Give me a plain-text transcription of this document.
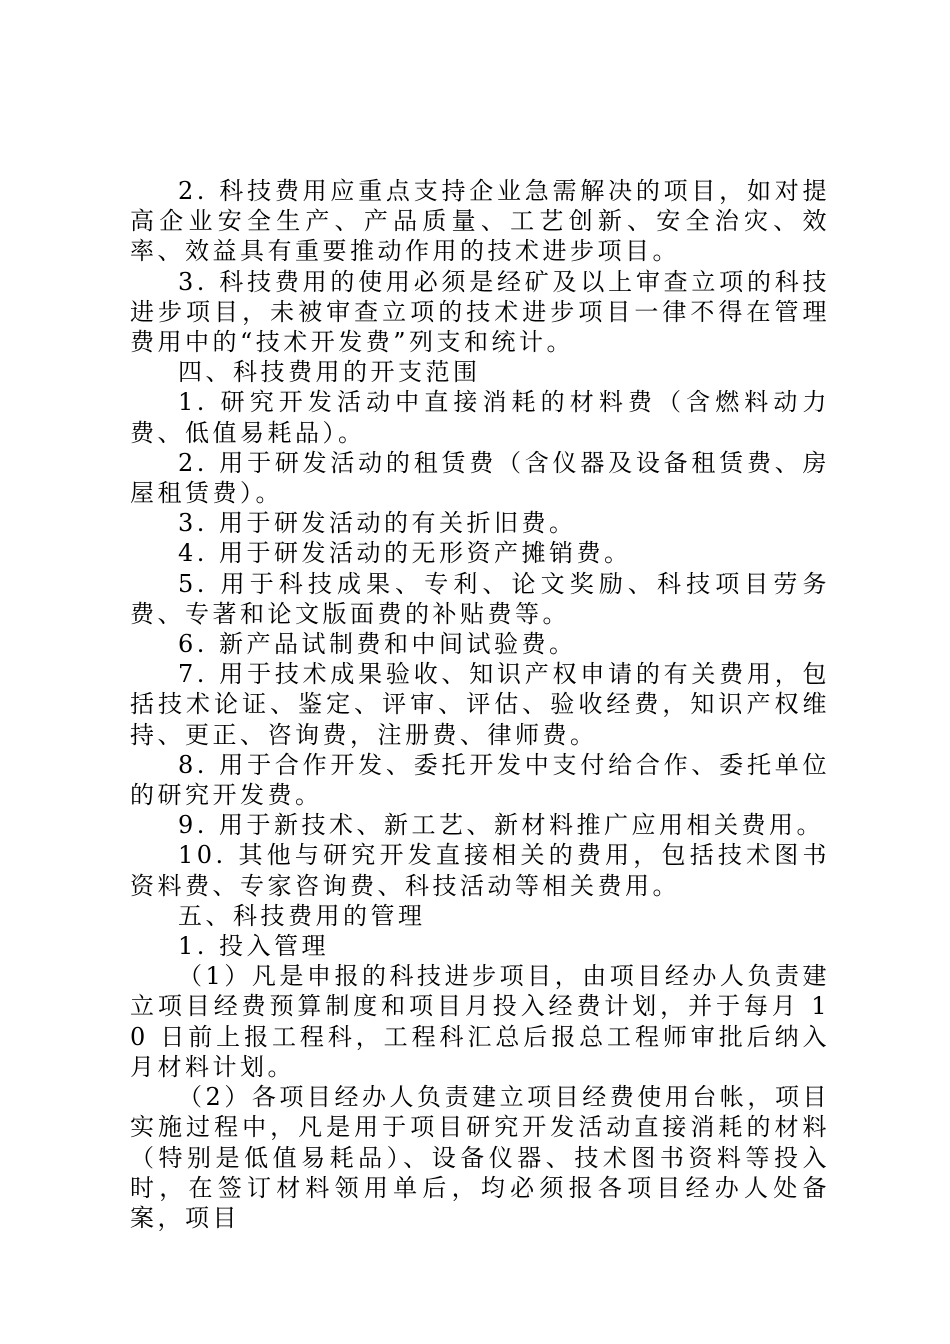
2. 科技费用应重点支持企业急需解决的项目，如对提高企业安全生产、产品质量、工艺创新、安全治灾、效率、效益具有重要推动作用的技术进步项目。

3. 科技费用的使用必须是经矿及以上审查立项的科技进步项目，未被审查立项的技术进步项目一律不得在管理费用中的“技术开发费”列支和统计。

四、科技费用的开支范围

1. 研究开发活动中直接消耗的材料费（含燃料动力费、低值易耗品）。

2. 用于研发活动的租赁费（含仪器及设备租赁费、房屋租赁费）。

3. 用于研发活动的有关折旧费。

4. 用于研发活动的无形资产摊销费。

5. 用于科技成果、专利、论文奖励、科技项目劳务费、专著和论文版面费的补贴费等。

6. 新产品试制费和中间试验费。

7. 用于技术成果验收、知识产权申请的有关费用，包括技术论证、鉴定、评审、评估、验收经费，知识产权维持、更正、咨询费，注册费、律师费。

8. 用于合作开发、委托开发中支付给合作、委托单位的研究开发费。

9. 用于新技术、新工艺、新材料推广应用相关费用。

10. 其他与研究开发直接相关的费用，包括技术图书资料费、专家咨询费、科技活动等相关费用。

五、科技费用的管理

1. 投入管理

（1）凡是申报的科技进步项目，由项目经办人负责建立项目经费预算制度和项目月投入经费计划，并于每月 10 日前上报工程科，工程科汇总后报总工程师审批后纳入月材料计划。

（2）各项目经办人负责建立项目经费使用台帐，项目实施过程中，凡是用于项目研究开发活动直接消耗的材料（特别是低值易耗品）、设备仪器、技术图书资料等投入时，在签订材料领用单后，均必须报各项目经办人处备案，项目
